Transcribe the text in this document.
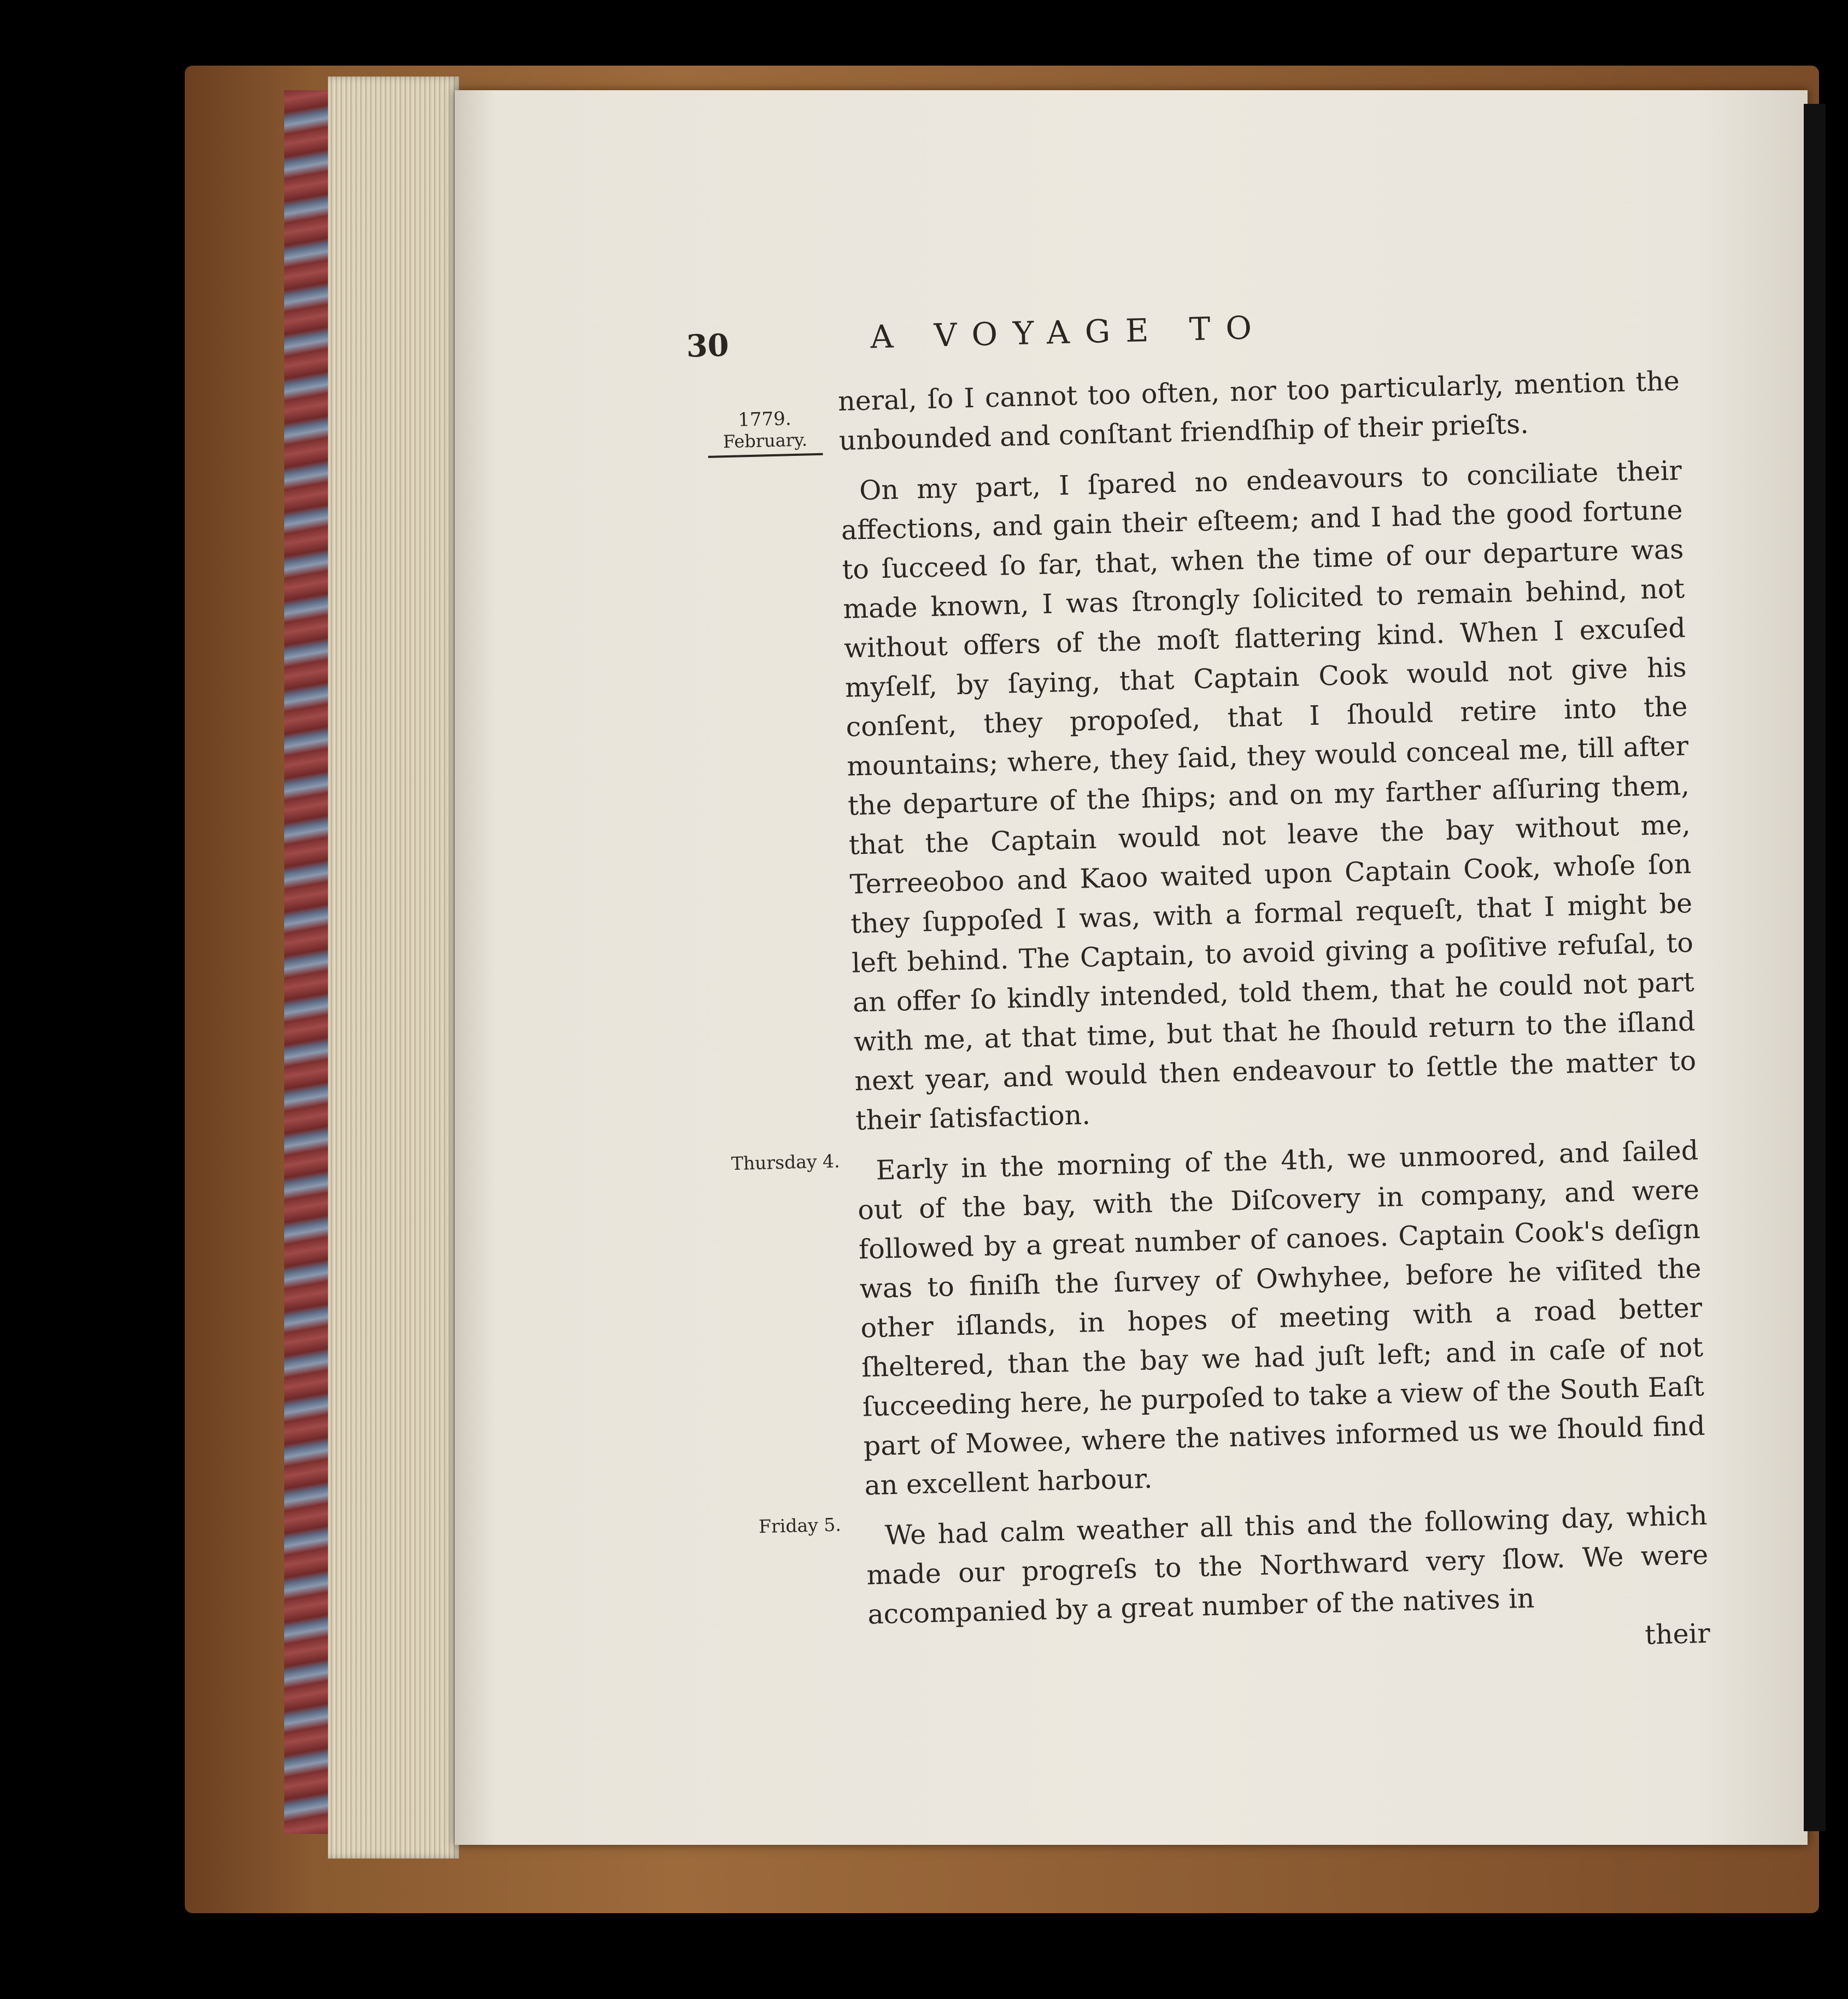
30	A VOYAGE TO
1779.
February.
Thursday 4.
Friday 5.

neral, ſo I cannot too often, nor too particularly, mention the unbounded and conſtant friendſhip of their prieſts.

On my part, I ſpared no endeavours to conciliate their affections, and gain their eſteem; and I had the good fortune to ſucceed ſo far, that, when the time of our departure was made known, I was ſtrongly ſolicited to remain behind, not without offers of the moſt flattering kind. When I excuſed myſelf, by ſaying, that Captain Cook would not give his conſent, they propoſed, that I ſhould retire into the mountains; where, they ſaid, they would conceal me, till after the departure of the ſhips; and on my farther aſſuring them, that the Captain would not leave the bay without me, Terreeoboo and Kaoo waited upon Captain Cook, whoſe ſon they ſuppoſed I was, with a formal requeſt, that I might be left behind. The Captain, to avoid giving a poſitive refuſal, to an offer ſo kindly intended, told them, that he could not part with me, at that time, but that he ſhould return to the iſland next year, and would then endeavour to ſettle the matter to their ſatisfaction.

Early in the morning of the 4th, we unmoored, and ſailed out of the bay, with the Diſcovery in company, and were followed by a great number of canoes. Captain Cook's deſign was to finiſh the ſurvey of Owhyhee, before he viſited the other iſlands, in hopes of meeting with a road better ſheltered, than the bay we had juſt left; and in caſe of not ſucceeding here, he purpoſed to take a view of the South Eaſt part of Mowee, where the natives informed us we ſhould find an excellent harbour.

We had calm weather all this and the following day, which made our progreſs to the Northward very ſlow. We were accompanied by a great number of the natives in

their
